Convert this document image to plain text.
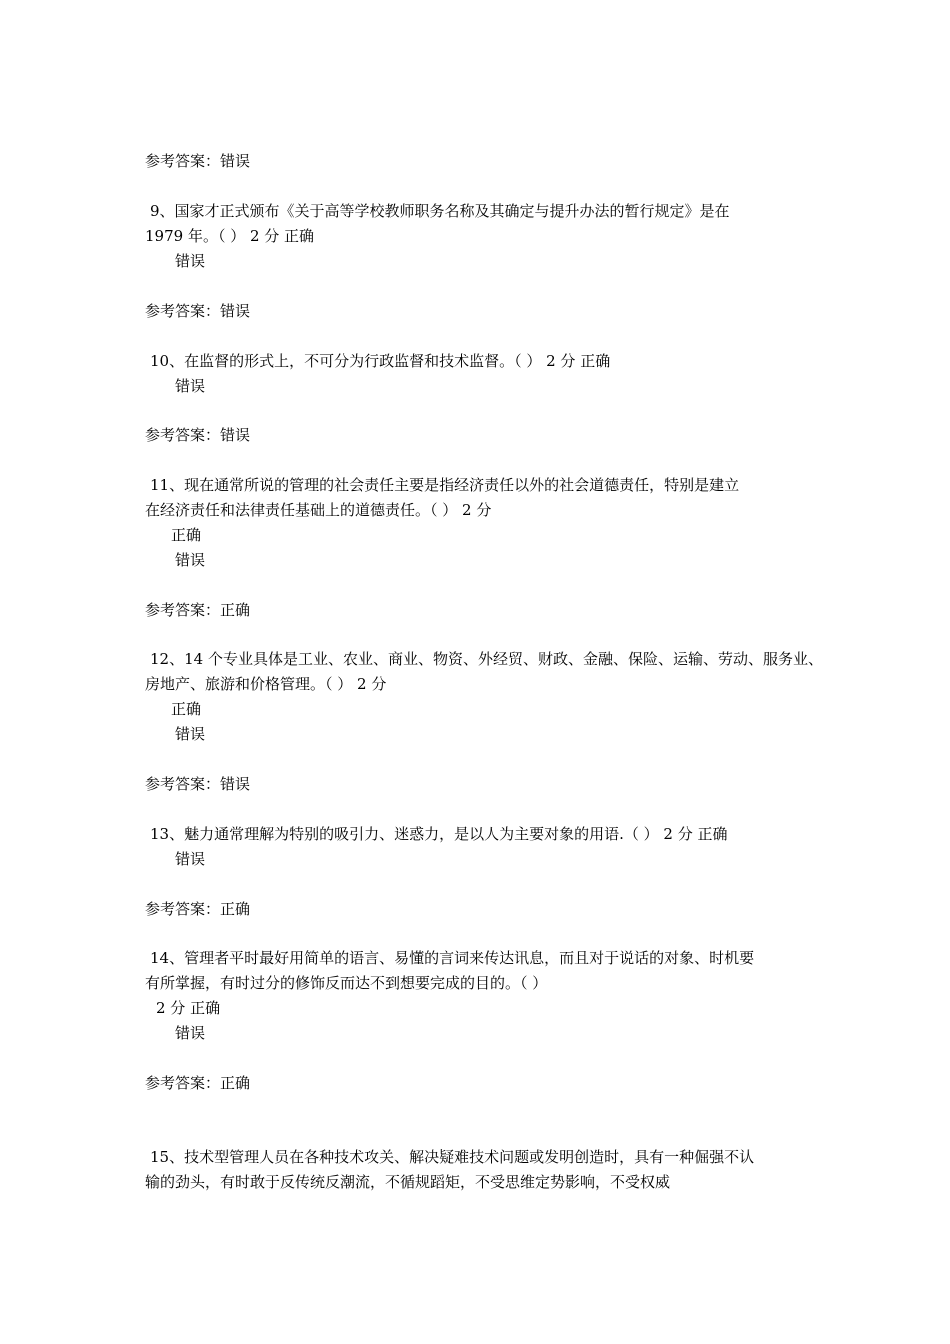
参考答案：错误
9、国家才正式颁布《关于高等学校教师职务名称及其确定与提升办法的暂行规定》是在
1979 年。（ ） 2 分 正确
错误
参考答案：错误
10、在监督的形式上，不可分为行政监督和技术监督。（ ） 2 分 正确
错误
参考答案：错误
11、现在通常所说的管理的社会责任主要是指经济责任以外的社会道德责任，特别是建立
在经济责任和法律责任基础上的道德责任。（ ） 2 分
正确
错误
参考答案：正确
12、14 个专业具体是工业、农业、商业、物资、外经贸、财政、金融、保险、运输、劳动、服务业、
房地产、旅游和价格管理。（ ） 2 分
正确
错误
参考答案：错误
13、魅力通常理解为特别的吸引力、迷惑力，是以人为主要对象的用语.（ ） 2 分 正确
错误
参考答案：正确
14、管理者平时最好用简单的语言、易懂的言词来传达讯息，而且对于说话的对象、时机要
有所掌握，有时过分的修饰反而达不到想要完成的目的。（ ）
2 分 正确
错误
参考答案：正确
15、技术型管理人员在各种技术攻关、解决疑难技术问题或发明创造时，具有一种倔强不认
输的劲头，有时敢于反传统反潮流，不循规蹈矩，不受思维定势影响，不受权威
